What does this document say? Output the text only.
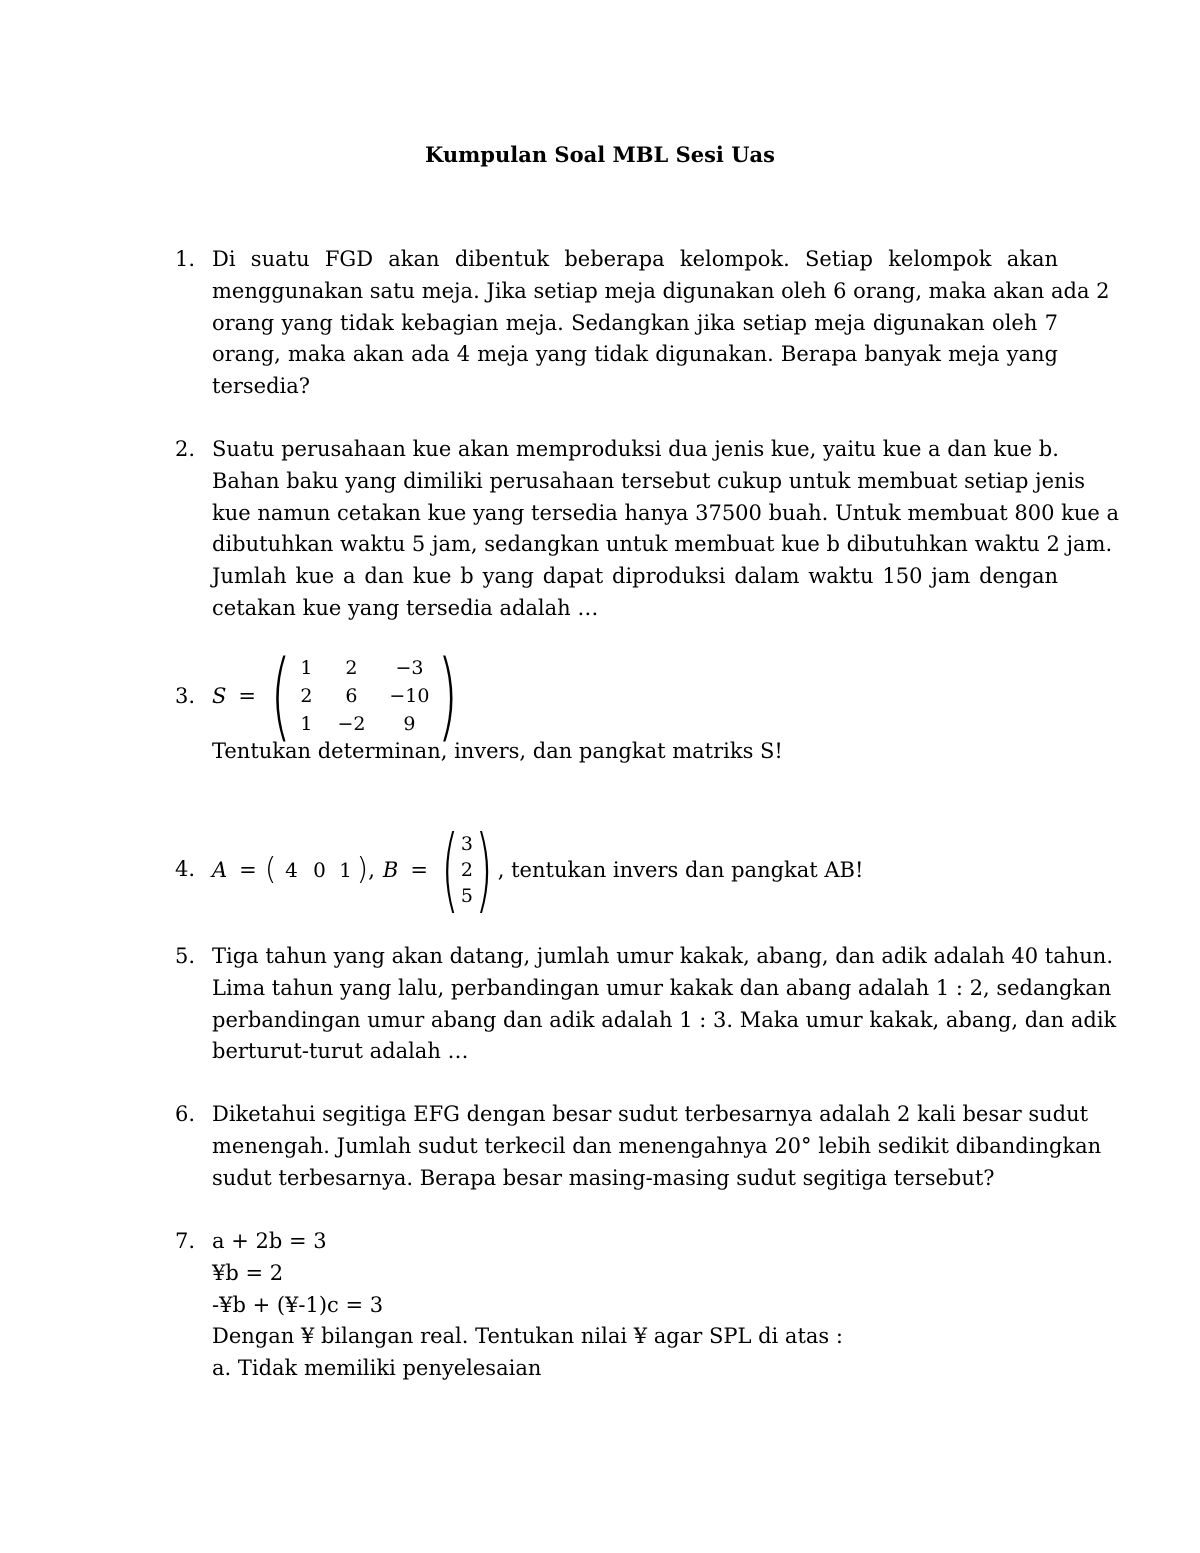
Kumpulan Soal MBL Sesi Uas
1. Di suatu FGD akan dibentuk beberapa kelompok. Setiap kelompok akan
menggunakan satu meja. Jika setiap meja digunakan oleh 6 orang, maka akan ada 2
orang yang tidak kebagian meja. Sedangkan jika setiap meja digunakan oleh 7
orang, maka akan ada 4 meja yang tidak digunakan. Berapa banyak meja yang
tersedia?
2. Suatu perusahaan kue akan memproduksi dua jenis kue, yaitu kue a dan kue b.
Bahan baku yang dimiliki perusahaan tersebut cukup untuk membuat setiap jenis
kue namun cetakan kue yang tersedia hanya 37500 buah. Untuk membuat 800 kue a
dibutuhkan waktu 5 jam, sedangkan untuk membuat kue b dibutuhkan waktu 2 jam.
Jumlah kue a dan kue b yang dapat diproduksi dalam waktu 150 jam dengan
cetakan kue yang tersedia adalah …
3. S = ( 1	2	−3
2	6	−10
1	−2	9 )
Tentukan determinan, invers, dan pangkat matriks S!
4. A = ( 4 0 1 ) , B = ( 3
2
5 ) , tentukan invers dan pangkat AB!
5. Tiga tahun yang akan datang, jumlah umur kakak, abang, dan adik adalah 40 tahun.
Lima tahun yang lalu, perbandingan umur kakak dan abang adalah 1 : 2, sedangkan
perbandingan umur abang dan adik adalah 1 : 3. Maka umur kakak, abang, dan adik
berturut-turut adalah …
6. Diketahui segitiga EFG dengan besar sudut terbesarnya adalah 2 kali besar sudut
menengah. Jumlah sudut terkecil dan menengahnya 20° lebih sedikit dibandingkan
sudut terbesarnya. Berapa besar masing-masing sudut segitiga tersebut?
7. a + 2b = 3
¥b = 2
-¥b + (¥-1)c = 3
Dengan ¥ bilangan real. Tentukan nilai ¥ agar SPL di atas :
a. Tidak memiliki penyelesaian
